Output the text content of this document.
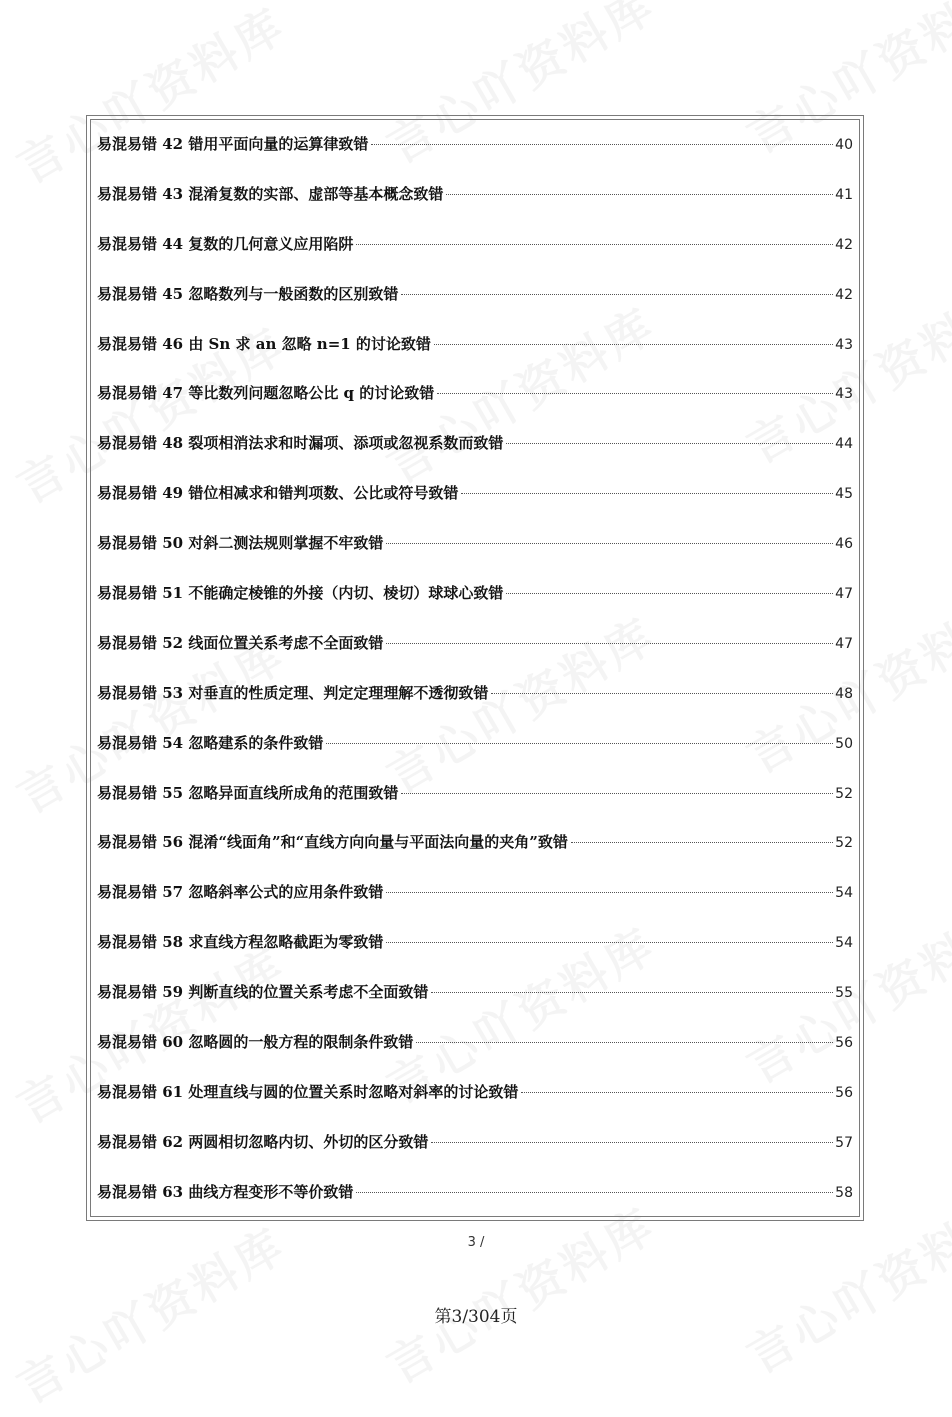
易混易错 42 错用平面向量的运算律致错	40
易混易错 43 混淆复数的实部、虚部等基本概念致错	41
易混易错 44 复数的几何意义应用陷阱	42
易混易错 45 忽略数列与一般函数的区别致错	42
易混易错 46 由 Sn 求 an 忽略 n=1 的讨论致错	43
易混易错 47 等比数列问题忽略公比 q 的讨论致错	43
易混易错 48 裂项相消法求和时漏项、添项或忽视系数而致错	44
易混易错 49 错位相减求和错判项数、公比或符号致错	45
易混易错 50 对斜二测法规则掌握不牢致错	46
易混易错 51 不能确定棱锥的外接（内切、棱切）球球心致错	47
易混易错 52 线面位置关系考虑不全面致错	47
易混易错 53 对垂直的性质定理、判定定理理解不透彻致错	48
易混易错 54 忽略建系的条件致错	50
易混易错 55 忽略异面直线所成角的范围致错	52
易混易错 56 混淆“线面角”和“直线方向向量与平面法向量的夹角”致错	52
易混易错 57 忽略斜率公式的应用条件致错	54
易混易错 58 求直线方程忽略截距为零致错	54
易混易错 59 判断直线的位置关系考虑不全面致错	55
易混易错 60 忽略圆的一般方程的限制条件致错	56
易混易错 61 处理直线与圆的位置关系时忽略对斜率的讨论致错	56
易混易错 62 两圆相切忽略内切、外切的区分致错	57
易混易错 63 曲线方程变形不等价致错	58
3 /
第3/304页
